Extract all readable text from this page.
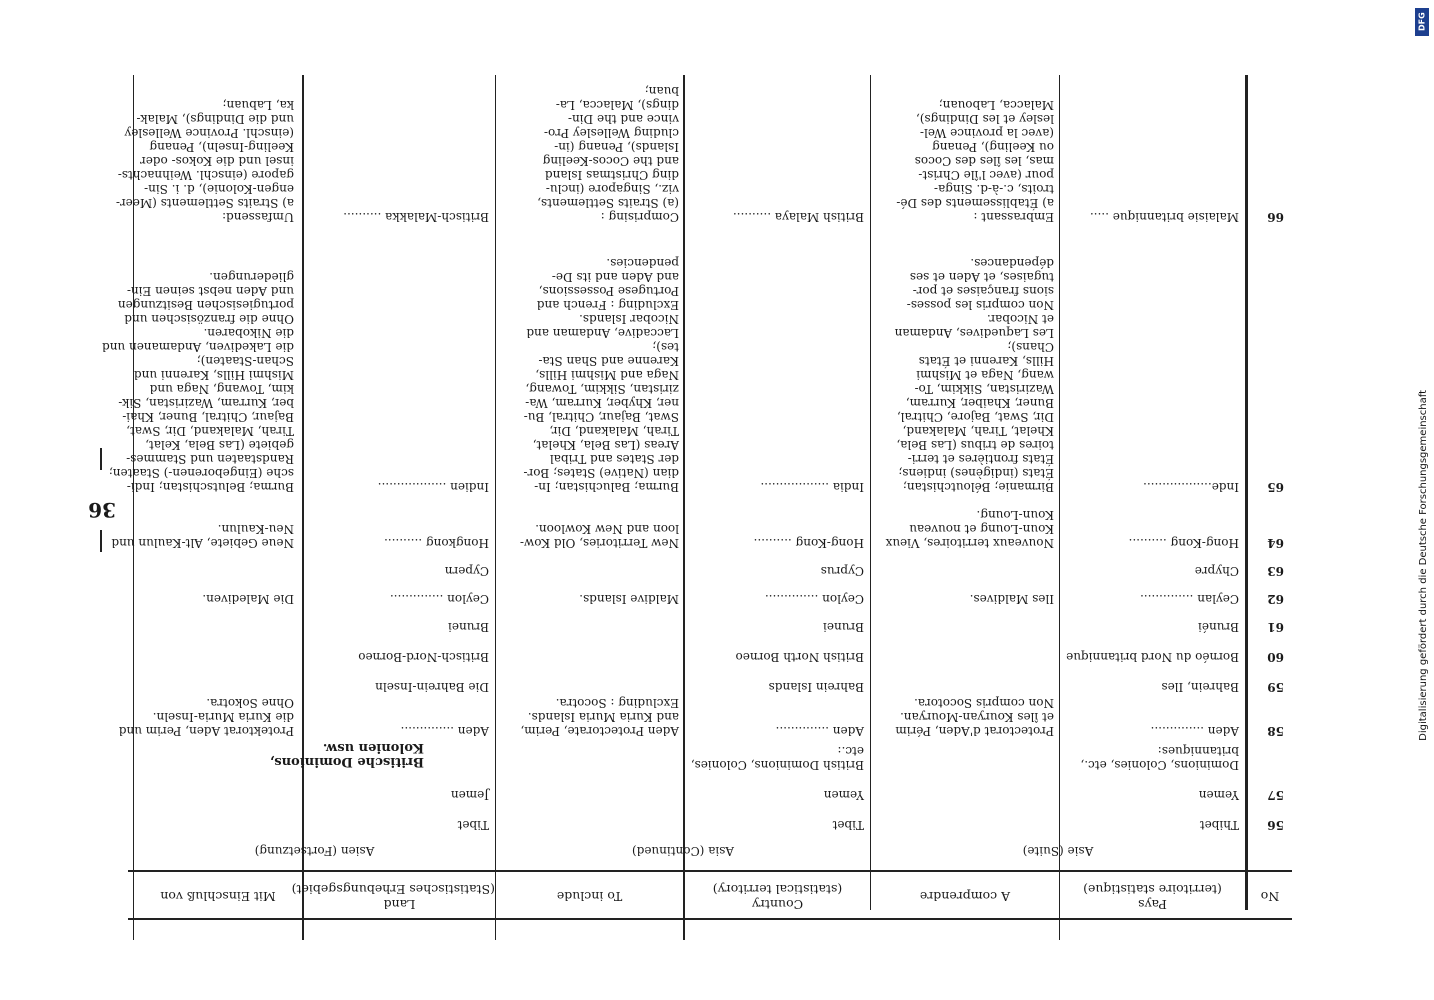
No
Pays
(territoire statistique)
A comprendre
Country
(statistical territory)
To include
Land
(Statistisches Erhebungsgebiet)
Mit Einschluß von
Asie (Suite)
Asia (Continued)
Asien (Fortsetzung)
56
Thibet
Tibet
Tibet
57
Yemen
Yemen
Jemen
Dominions, Colonies, etc.,
britanniques:
British Dominions, Colonies,
etc.:
Britische Dominions,
Kolonien usw.
58
Aden ..............
Protectorat d'Aden, Périm
et îles Kouryan-Mouryan.
Non compris Socotora.
Aden ..............
Aden Protectorate, Perim,
and Kuria Muria Islands.
Excluding : Socotra.
Aden ..............
Protektorat Aden, Perim und
die Kuria Muria-Inseln.
Ohne Sokotra.
59
Bahrein, Iles
Bahrein Islands
Die Bahrein-Inseln
60
Bornéo du Nord britannique
British North Borneo
Britisch-Nord-Borneo
61
Brunéi
Brunei
Brunei
62
Ceylan ..............
Iles Maldives.
Ceylon ..............
Maldive Islands.
Ceylon ..............
Die Malediven.
63
Chypre
Cyprus
Cypern
64
Hong-Kong ..........
Nouveaux territoires, Vieux
Koun-Loung et nouveau
Koun-Loung.
Hong-Kong ..........
New Territories, Old Kow-
loon and New Kowloon.
Hongkong ..........
Neue Gebiete, Alt-Kaulun und
Neu-Kaulun.
65
Inde..................
Birmanie; Béloutchistan;
États (indigènes) indiens;
États frontières et terri-
toires de tribus (Las Bela,
Khelat, Tirah, Malakand,
Dir, Swat, Bajore, Chitral,
Buner, Khaiber, Kurram,
Waziristan, Sikkim, To-
wang, Naga et Mishmi
Hills, Karenni et États
Chans);
Les Laquedives, Andaman
et Nicobar.
Non compris les posses-
sions françaises et por-
tugaises, et Aden et ses
dépendances.
India ..................
Burma; Baluchistan; In-
dian (Native) States; Bor-
der States and Tribal
Areas (Las Bela, Khelat,
Tirah, Malakand, Dir,
Swat, Bajaur, Chitral, Bu-
ner, Khyber, Kurram, Wa-
ziristan, Sikkim, Towang,
Naga and Mishmi Hills,
Karenne and Shan Sta-
tes);
Laccadive, Andaman and
Nicobar Islands.
Excluding : French and
Portugese Possessions,
and Aden and its De-
pendencies.
Indien ..................
Burma; Belutschistan; Indi-
sche (Eingeborenen-) Staaten;
Randstaaten und Stammes-
gebiete (Las Bela, Kelat,
Tirah, Malakand, Dir, Swat,
Bajaur, Chitral, Buner, Khai-
ber, Kurram, Waziristan, Sik-
kim, Towang, Naga und
Mishmi Hills, Karenni und
Schan-Staaten);
die Lakediven, Andamanen und
die Nikobaren.
Ohne die französischen und
portugiesischen Besitzungen
und Aden nebst seinen Ein-
gliederungen.
66
Malaisie britannique .....
Embrassant :
a) Établissements des Dé-
troits, c.-à-d. Singa-
pour (avec l'île Christ-
mas, les îles des Cocos
ou Keeling), Penang
(avec la province Wel-
lesley et les Dindings),
Malacca, Labouan;
British Malaya ..........
Comprising :
(a) Straits Settlements,
viz., Singapore (inclu-
ding Christmas Island
and the Cocos-Keeling
Islands), Penang (in-
cluding Wellesley Pro-
vince and the Din-
dings), Malacca, La-
buan;
Britisch-Malakka ..........
Umfassend:
a) Straits Settlements (Meer-
engen-Kolonie), d. i. Sin-
gapore (einschl. Weihnachts-
insel und die Kokos- oder
Keeling-Inseln), Penang
(einschl. Province Wellesley
und die Dindings), Malak-
ka, Labuan;
36
DFG
Digitalisierung gefördert durch die Deutsche Forschungsgemeinschaft
